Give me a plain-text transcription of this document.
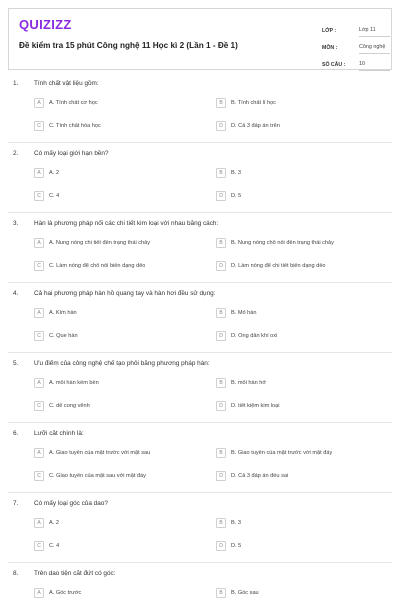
QUIZIZZ
Đề kiểm tra 15 phút Công nghệ 11 Học kì 2 (Lần 1 - Đề 1)
LỚP :	Lớp 11
MÔN :	Công nghệ
SỐ CÂU :	10
1. Tính chất vật liệu gồm:
A	A. Tính chất cơ học	B	B. Tính chất lí học
C	C. Tính chất hóa học	D	D. Cả 3 đáp án trên
2. Có mấy loại giới hạn bền?
A	A. 2	B	B. 3
C	C. 4	D	D. 5
3. Hàn là phương pháp nối các chi tiết kim loại với nhau bằng cách:
A	A. Nung nóng chi tiết đến trạng thái chảy	B	B. Nung nóng chỗ nối đến trạng thái chảy
C	C. Làm nóng để chỗ nối biến dạng dẻo	D	D. Làm nóng để chi tiết biến dạng dẻo
4. Cả hai phương pháp hàn hồ quang tay và hàn hơi đều sử dụng:
A	A. Kìm hàn	B	B. Mỏ hàn
C	C. Que hàn	D	D. Ống dẫn khí oxi
5. Ưu điểm của công nghệ chế tạo phôi bằng phương pháp hàn:
A	A. mối hàn kém bền	B	B. mối hàn hở
C	C. dễ cong vênh	D	D. tiết kiệm kim loại
6. Lưỡi cắt chính là:
A	A. Giao tuyến của mặt trước với mặt sau	B	B. Giao tuyến của mặt trước với mặt đáy
C	C. Giao tuyến của mặt sau với mặt đáy	D	D. Cả 3 đáp án đều sai
7. Có mấy loại góc của dao?
A	A. 2	B	B. 3
C	C. 4	D	D. 5
8. Trên dao tiện cắt đứt có góc:
A	A. Góc trước	B	B. Góc sau
